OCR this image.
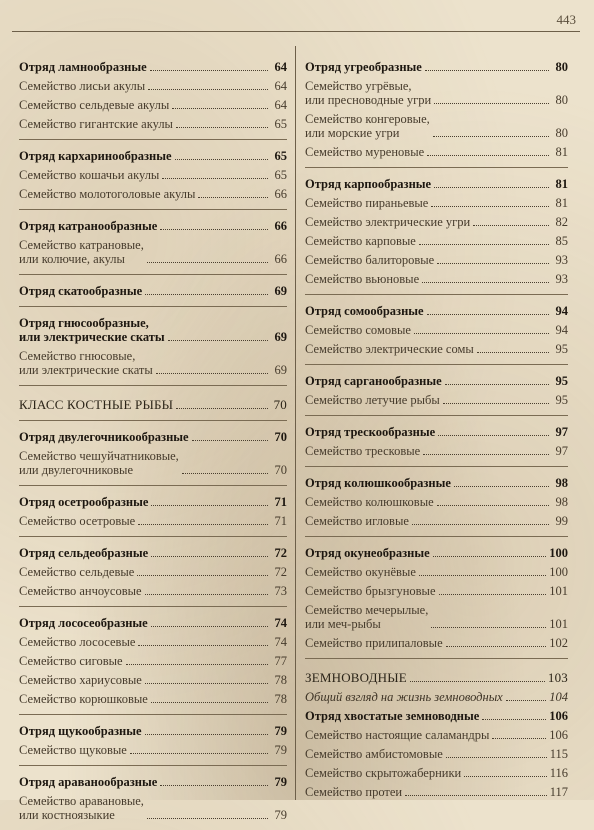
443
Отряд ламнообразные	64
Семейство лисьи акулы	64
Семейство сельдевые акулы	64
Семейство гигантские акулы	65
Отряд кархаринообразные	65
Семейство кошачьи акулы	65
Семейство молотоголовые акулы	66
Отряд катранообразные	66
Семейство катрановые,
или колючие, акулы	66
Отряд скатообразные	69
Отряд гнюсообразные,
или электрические скаты	69
Семейство гнюсовые,
или электрические скаты	69
КЛАСС КОСТНЫЕ РЫБЫ	70
Отряд двулегочникообразные	70
Семейство чешуйчатниковые,
или двулегочниковые	70
Отряд осетрообразные	71
Семейство осетровые	71
Отряд сельдеобразные	72
Семейство сельдевые	72
Семейство анчоусовые	73
Отряд лососеобразные	74
Семейство лососевые	74
Семейство сиговые	77
Семейство хариусовые	78
Семейство корюшковые	78
Отряд щукообразные	79
Семейство щуковые	79
Отряд араванообразные	79
Семейство аравановые,
или костноязыкие	79
Отряд угреобразные	80
Семейство угрёвые,
или пресноводные угри	80
Семейство конгеровые,
или морские угри	80
Семейство муреновые	81
Отряд карпообразные	81
Семейство пираньевые	81
Семейство электрические угри	82
Семейство карповые	85
Семейство балиторовые	93
Семейство вьюновые	93
Отряд сомообразные	94
Семейство сомовые	94
Семейство электрические сомы	95
Отряд сарганообразные	95
Семейство летучие рыбы	95
Отряд трескообразные	97
Семейство тресковые	97
Отряд колюшкообразные	98
Семейство колюшковые	98
Семейство игловые	99
Отряд окунеобразные	100
Семейство окунёвые	100
Семейство брызгуновые	101
Семейство мечерылые,
или меч-рыбы	101
Семейство прилипаловые	102
ЗЕМНОВОДНЫЕ	103
Общий взгляд на жизнь земноводных	104
Отряд хвостатые земноводные	106
Семейство настоящие саламандры	106
Семейство амбистомовые	115
Семейство скрытожаберники	116
Семейство протеи	117
